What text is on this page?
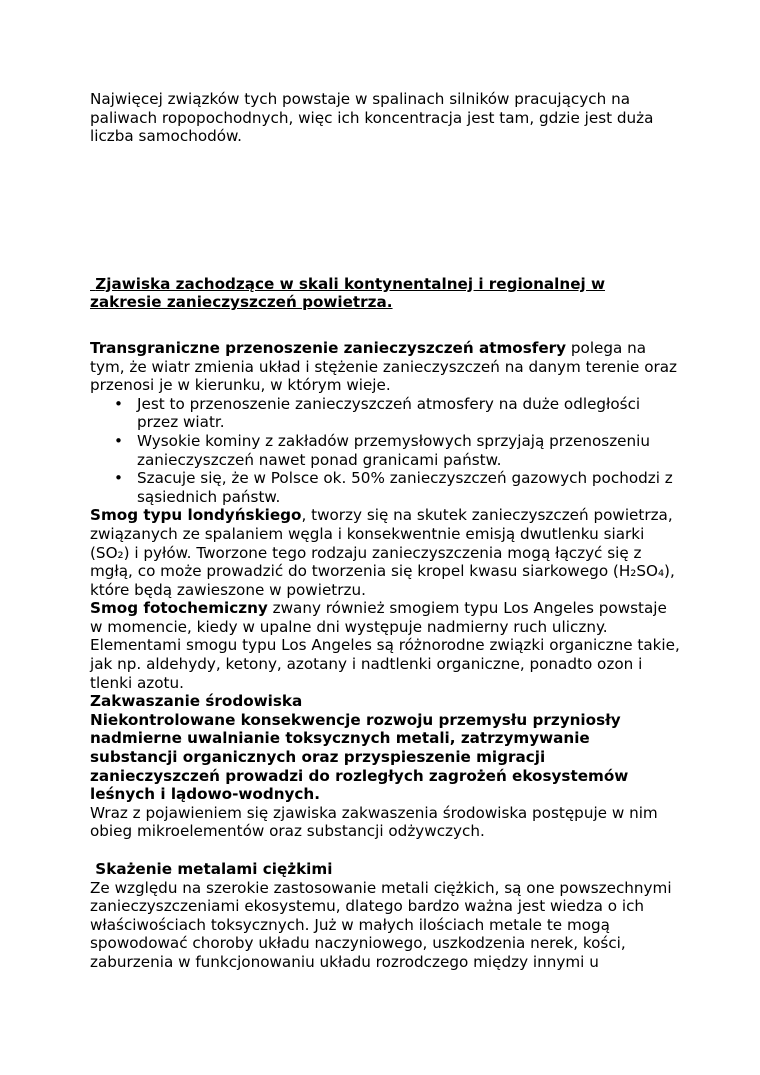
Najwięcej związków tych powstaje w spalinach silników pracujących na paliwach ropopochodnych, więc ich koncentracja jest tam, gdzie jest duża liczba samochodów.

Zjawiska zachodzące w skali kontynentalnej i regionalnej w zakresie zanieczyszczeń powietrza.

Transgraniczne przenoszenie zanieczyszczeń atmosfery polega na tym, że wiatr zmienia układ i stężenie zanieczyszczeń na danym terenie oraz przenosi je w kierunku, w którym wieje.

• Jest to przenoszenie zanieczyszczeń atmosfery na duże odległości przez wiatr.
• Wysokie kominy z zakładów przemysłowych sprzyjają przenoszeniu zanieczyszczeń nawet ponad granicami państw.
• Szacuje się, że w Polsce ok. 50% zanieczyszczeń gazowych pochodzi z sąsiednich państw.

Smog typu londyńskiego, tworzy się na skutek zanieczyszczeń powietrza, związanych ze spalaniem węgla i konsekwentnie emisją dwutlenku siarki (SO₂) i pyłów. Tworzone tego rodzaju zanieczyszczenia mogą łączyć się z mgłą, co może prowadzić do tworzenia się kropel kwasu siarkowego (H₂SO₄), które będą zawieszone w powietrzu.

Smog fotochemiczny zwany również smogiem typu Los Angeles powstaje w momencie, kiedy w upalne dni występuje nadmierny ruch uliczny. Elementami smogu typu Los Angeles są różnorodne związki organiczne takie, jak np. aldehydy, ketony, azotany i nadtlenki organiczne, ponadto ozon i tlenki azotu.

Zakwaszanie środowiska

Niekontrolowane konsekwencje rozwoju przemysłu przyniosły nadmierne uwalnianie toksycznych metali, zatrzymywanie substancji organicznych oraz przyspieszenie migracji zanieczyszczeń prowadzi do rozległych zagrożeń ekosystemów leśnych i lądowo-wodnych.

Wraz z pojawieniem się zjawiska zakwaszenia środowiska postępuje w nim obieg mikroelementów oraz substancji odżywczych.

Skażenie metalami ciężkimi

Ze względu na szerokie zastosowanie metali ciężkich, są one powszechnymi zanieczyszczeniami ekosystemu, dlatego bardzo ważna jest wiedza o ich właściwościach toksycznych. Już w małych ilościach metale te mogą spowodować choroby układu naczyniowego, uszkodzenia nerek, kości, zaburzenia w funkcjonowaniu układu rozrodczego między innymi u
